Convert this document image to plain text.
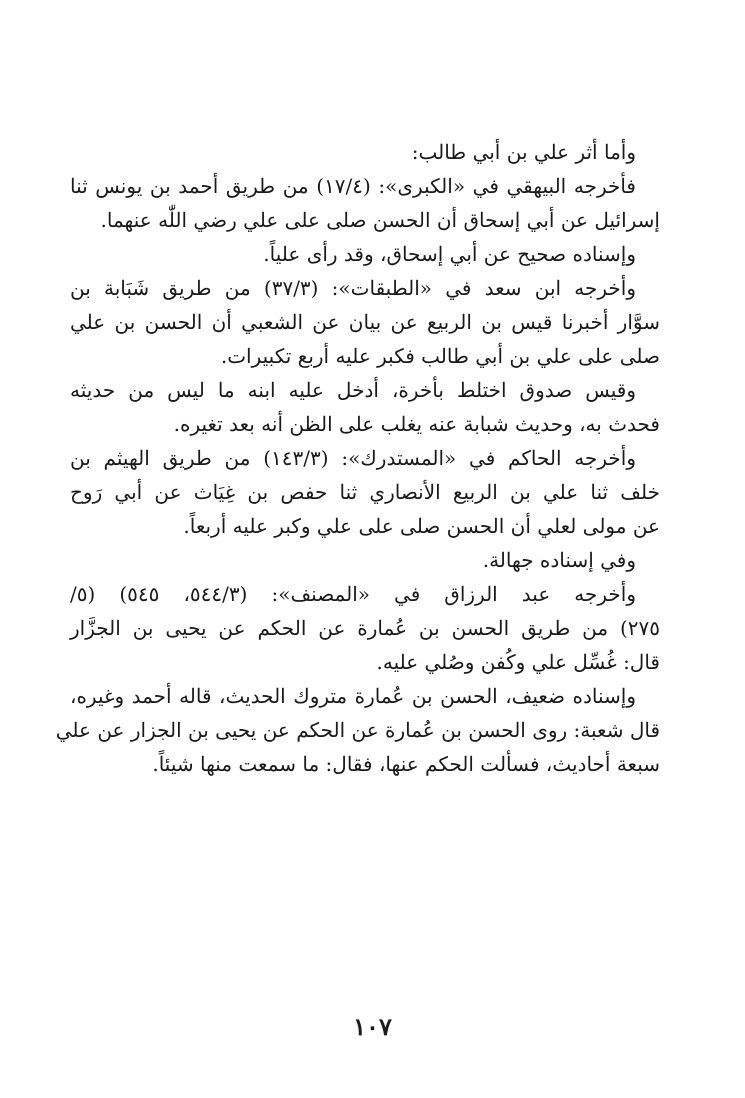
وأما أثر علي بن أبي طالب:
فأخرجه البيهقي في «الكبرى»: (١٧/٤) من طريق أحمد بن يونس ثنا
إسرائيل عن أبي إسحاق أن الحسن صلى على علي رضي اللّٰه عنهما.
وإسناده صحيح عن أبي إسحاق، وقد رأى علياً.
وأخرجه ابن سعد في «الطبقات»: (٣٧/٣) من طريق شَبَابة بن
سوَّار أخبرنا قيس بن الربيع عن بيان عن الشعبي أن الحسن بن علي
صلى على علي بن أبي طالب فكبر عليه أربع تكبيرات.
وقيس صدوق اختلط بأخرة، أدخل عليه ابنه ما ليس من حديثه
فحدث به، وحديث شبابة عنه يغلب على الظن أنه بعد تغيره.
وأخرجه الحاكم في «المستدرك»: (١٤٣/٣) من طريق الهيثم بن
خلف ثنا علي بن الربيع الأنصاري ثنا حفص بن غِيَاث عن أبي رَوح
عن مولى لعلي أن الحسن صلى على علي وكبر عليه أربعاً.
وفي إسناده جهالة.
وأخرجه عبد الرزاق في «المصنف»: (٥٤٤/٣، ٥٤٥) (٥/
٢٧٥) من طريق الحسن بن عُمارة عن الحكم عن يحيى بن الجزَّار
قال: غُسِّل علي وكُفن وصُلي عليه.
وإسناده ضعيف، الحسن بن عُمارة متروك الحديث، قاله أحمد وغيره،
قال شعبة: روى الحسن بن عُمارة عن الحكم عن يحيى بن الجزار عن علي
سبعة أحاديث، فسألت الحكم عنها، فقال: ما سمعت منها شيئاً.
١٠٧
